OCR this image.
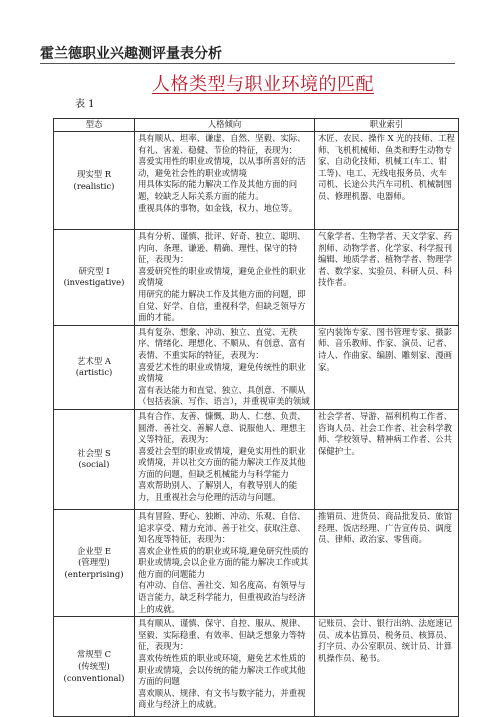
霍兰德职业兴趣测评量表分析
人格类型与职业环境的匹配
表 1
型态	人格倾向	职业索引

现实型 R
(realistic)	具有顺从、坦率、谦虚、自然、坚毅、实际、有礼、害羞、稳健、节俭的特征，表现为：
喜爱实用性的职业或情境，以从事所喜好的活动，避免社会性的职业或情境
用具体实际的能力解决工作及其他方面的问题，较缺乏人际关系方面的能力。
重视具体的事物，如金钱，权力、地位等。	木匠、农民、操作 X 光的技师、工程师、飞机机械师、鱼类和野生动物专家、自动化技师、机械工(车工、钳工等)、电工、无线电报务员、火车司机、长途公共汽车司机、机械制图员、修理机器、电器师。

研究型 I
(investigative)	具有分析、谨慎、批评、好奇、独立、聪明、内向、条理、谦逊、精确、理性、保守的特征，表现为：
喜爱研究性的职业或情境，避免企业性的职业或情境
用研究的能力解决工作及其他方面的问题，即自觉、好学、自信，重视科学，但缺乏领导方面的才能。	气象学者、生物学者、天文学家、药剂师、动物学者、化学家、科学报刊编辑、地质学者、植物学者、物理学者、数学家、实验员、科研人员、科技作者。

艺术型 A
(artistic)	具有复杂、想象、冲动、独立、直觉、无秩序、情绪化、理想化、不顺从、有创意、富有表情、不重实际的特征，表现为：
喜爱艺术性的职业或情境，避免传统性的职业或情境
富有表达能力和直觉、独立、具创意、不顺从（包括表演、写作、语言），并重视审美的领域	室内装饰专家、图书管理专家、摄影师、音乐教师、作家、演员、记者、诗人、作曲家、编剧、雕刻家、漫画家。

社会型 S
(social)	具有合作、友善、慷慨、助人、仁慈、负责、圆滑、善社交、善解人意、说服他人、理想主义等特征，表现为：
喜爱社会型的职业或情境，避免实用性的职业或情境，并以社交方面的能力解决工作及其他方面的问题，但缺乏机械能力与科学能力
喜欢帮助别人、了解别人，有教导别人的能力，且重视社会与伦理的活动与问题。	社会学者、导游、福利机构工作者、咨询人员、社会工作者、社会科学教师、学校领导、精神病工作者、公共保健护士。

企业型 E
(管理型)
(enterprising)	具有冒险、野心、独断、冲动、乐观、自信、追求享受、精力充沛、善于社交、获取注意、知名度等特征，表现为：
喜欢企业性质的的职业或环境,避免研究性质的职业或情境,会以企业方面的能力解决工作或其他方面的问题能力
有冲动、自信、善社交、知名度高、有领导与语言能力，缺乏科学能力，但重视政治与经济上的成就。	推销员、进货员、商品批发员、旅馆经理、饭店经理、广告宣传员、调度员、律师、政治家、零售商。

常规型 C
(传统型)
(conventional)	具有顺从、谨慎、保守、自控、服从、规律、坚毅、实际稳重、有效率、但缺乏想象力等特征，表现为：
喜欢传统性质的职业或环境，避免艺术性质的职业或情境，会以传统的能力解决工作或其他方面的问题
喜欢顺从、规律、有文书与数字能力，并重视商业与经济上的成就。	记账员、会计、银行出纳、法庭速记员、成本估算员、税务员、核算员、打字员、办公室职员、统计员、计算机操作员、秘书。
